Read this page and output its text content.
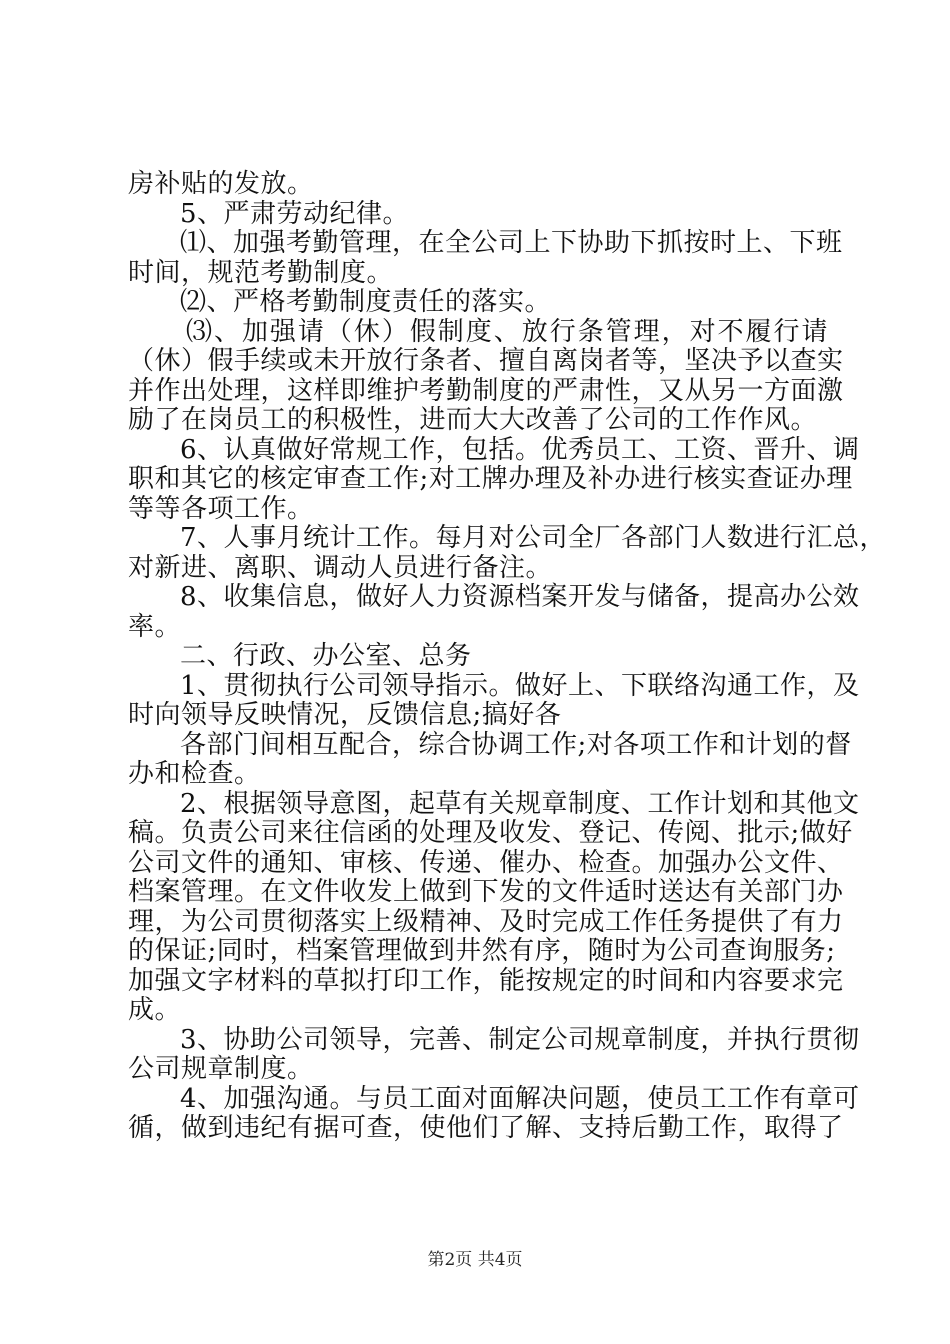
房补贴的发放。
5、严肃劳动纪律。
⑴、加强考勤管理，在全公司上下协助下抓按时上、下班
时间，规范考勤制度。
⑵、严格考勤制度责任的落实。
⑶、加强请（休）假制度、放行条管理，对不履行请
（休）假手续或未开放行条者、擅自离岗者等，坚决予以查实
并作出处理，这样即维护考勤制度的严肃性，又从另一方面激
励了在岗员工的积极性，进而大大改善了公司的工作作风。
6、认真做好常规工作，包括。优秀员工、工资、晋升、调
职和其它的核定审查工作;对工牌办理及补办进行核实查证办理
等等各项工作。
7、人事月统计工作。每月对公司全厂各部门人数进行汇总，
对新进、离职、调动人员进行备注。
8、收集信息，做好人力资源档案开发与储备，提高办公效
率。
二、行政、办公室、总务
1、贯彻执行公司领导指示。做好上、下联络沟通工作，及
时向领导反映情况，反馈信息;搞好各
各部门间相互配合，综合协调工作;对各项工作和计划的督
办和检查。
2、根据领导意图，起草有关规章制度、工作计划和其他文
稿。负责公司来往信函的处理及收发、登记、传阅、批示;做好
公司文件的通知、审核、传递、催办、检查。加强办公文件、
档案管理。在文件收发上做到下发的文件适时送达有关部门办
理，为公司贯彻落实上级精神、及时完成工作任务提供了有力
的保证;同时，档案管理做到井然有序，随时为公司查询服务;
加强文字材料的草拟打印工作，能按规定的时间和内容要求完
成。
3、协助公司领导，完善、制定公司规章制度，并执行贯彻
公司规章制度。
4、加强沟通。与员工面对面解决问题，使员工工作有章可
循，做到违纪有据可查，使他们了解、支持后勤工作，取得了
第2页 共4页
